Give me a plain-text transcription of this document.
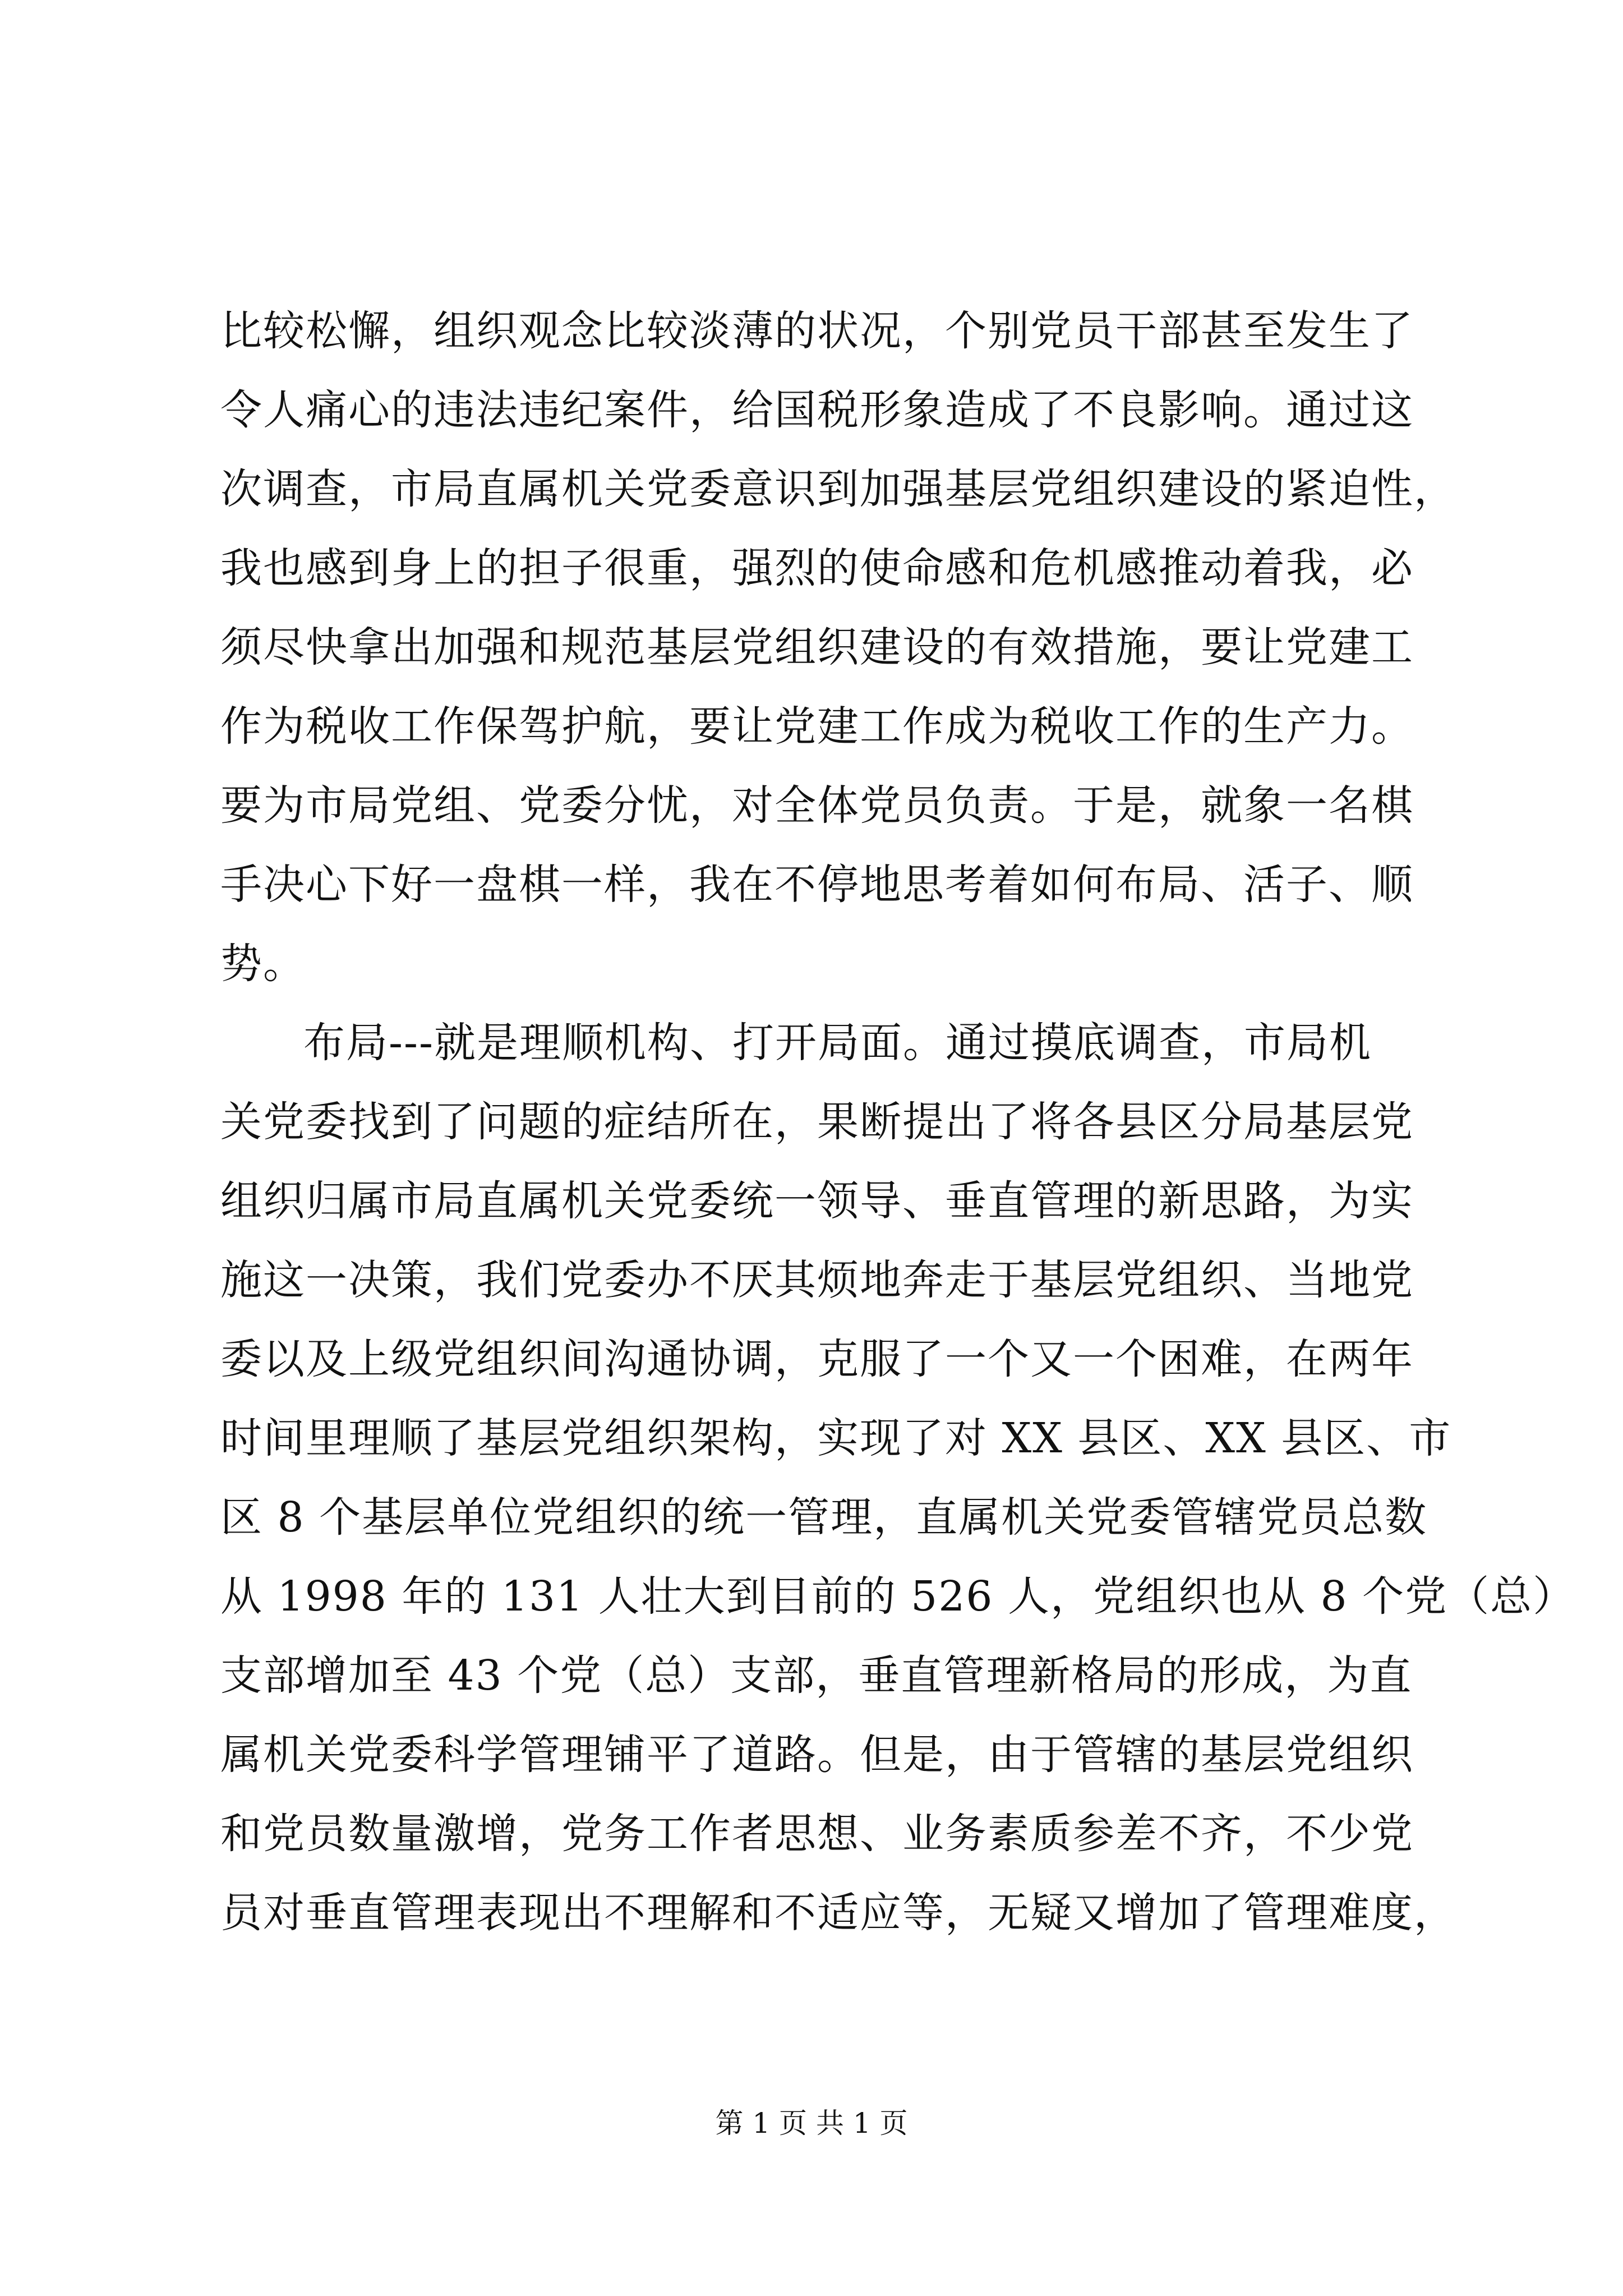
比较松懈，组织观念比较淡薄的状况，个别党员干部甚至发生了
令人痛心的违法违纪案件，给国税形象造成了不良影响。通过这
次调查，市局直属机关党委意识到加强基层党组织建设的紧迫性，
我也感到身上的担子很重，强烈的使命感和危机感推动着我，必
须尽快拿出加强和规范基层党组织建设的有效措施，要让党建工
作为税收工作保驾护航，要让党建工作成为税收工作的生产力。
要为市局党组、党委分忧，对全体党员负责。于是，就象一名棋
手决心下好一盘棋一样，我在不停地思考着如何布局、活子、顺
势。
布局---就是理顺机构、打开局面。通过摸底调查，市局机
关党委找到了问题的症结所在，果断提出了将各县区分局基层党
组织归属市局直属机关党委统一领导、垂直管理的新思路，为实
施这一决策，我们党委办不厌其烦地奔走于基层党组织、当地党
委以及上级党组织间沟通协调，克服了一个又一个困难，在两年
时间里理顺了基层党组织架构，实现了对 XX 县区、XX 县区、市
区 8 个基层单位党组织的统一管理，直属机关党委管辖党员总数
从 1998 年的 131 人壮大到目前的 526 人，党组织也从 8 个党（总）
支部增加至 43 个党（总）支部，垂直管理新格局的形成，为直
属机关党委科学管理铺平了道路。但是，由于管辖的基层党组织
和党员数量激增，党务工作者思想、业务素质参差不齐，不少党
员对垂直管理表现出不理解和不适应等，无疑又增加了管理难度，
第 1 页 共 1 页
